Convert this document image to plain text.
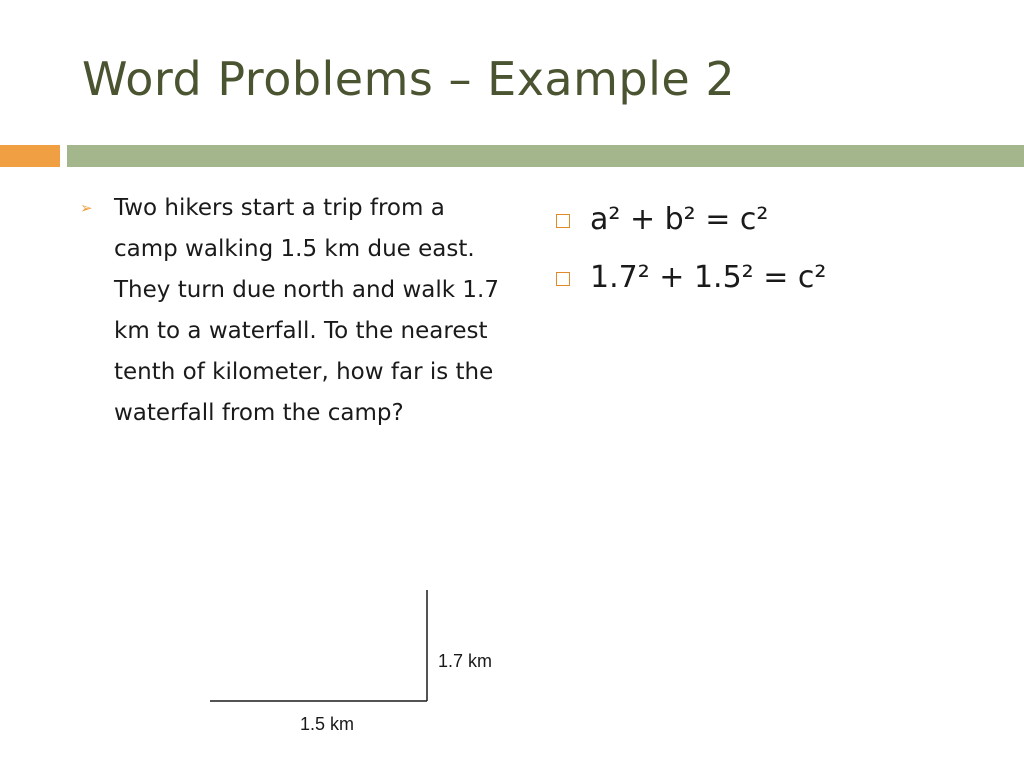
Word Problems – Example 2
➢ Two hikers start a trip from a camp walking 1.5 km due east. They turn due north and walk 1.7 km to a waterfall. To the nearest tenth of kilometer, how far is the waterfall from the camp?
a² + b² = c²
1.7² + 1.5² = c²
1.7 km
1.5 km
